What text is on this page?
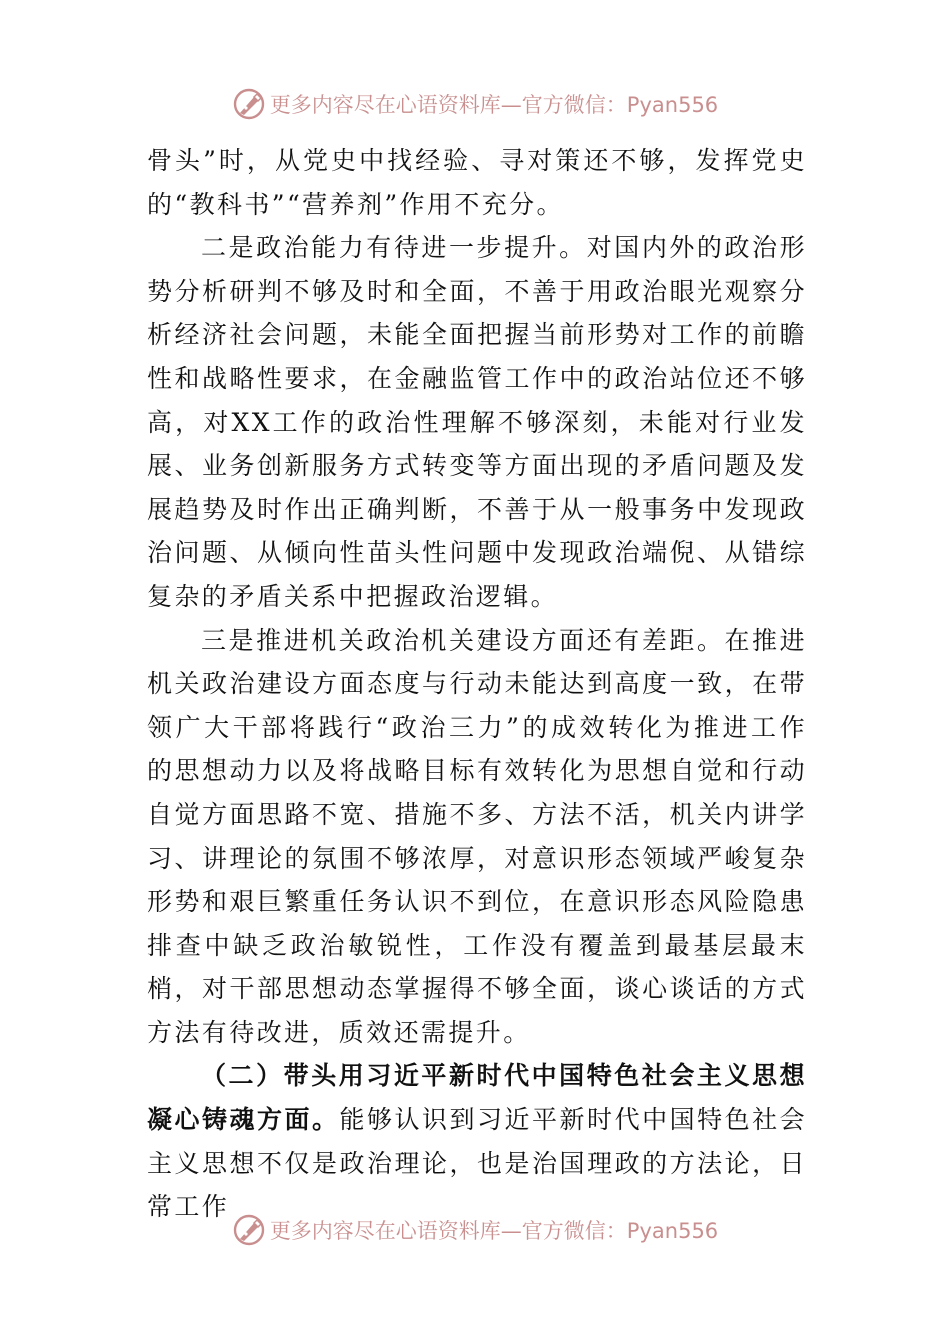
更多内容尽在心语资料库—官方微信：Pyan556

骨头”时，从党史中找经验、寻对策还不够，发挥党史的“教科书”“营养剂”作用不充分。

二是政治能力有待进一步提升。对国内外的政治形势分析研判不够及时和全面，不善于用政治眼光观察分析经济社会问题，未能全面把握当前形势对工作的前瞻性和战略性要求，在金融监管工作中的政治站位还不够高，对XX工作的政治性理解不够深刻，未能对行业发展、业务创新服务方式转变等方面出现的矛盾问题及发展趋势及时作出正确判断，不善于从一般事务中发现政治问题、从倾向性苗头性问题中发现政治端倪、从错综复杂的矛盾关系中把握政治逻辑。

三是推进机关政治机关建设方面还有差距。在推进机关政治建设方面态度与行动未能达到高度一致，在带领广大干部将践行“政治三力”的成效转化为推进工作的思想动力以及将战略目标有效转化为思想自觉和行动自觉方面思路不宽、措施不多、方法不活，机关内讲学习、讲理论的氛围不够浓厚，对意识形态领域严峻复杂形势和艰巨繁重任务认识不到位，在意识形态风险隐患排查中缺乏政治敏锐性，工作没有覆盖到最基层最末梢，对干部思想动态掌握得不够全面，谈心谈话的方式方法有待改进，质效还需提升。

（二）带头用习近平新时代中国特色社会主义思想凝心铸魂方面。能够认识到习近平新时代中国特色社会主义思想不仅是政治理论，也是治国理政的方法论，日常工作

更多内容尽在心语资料库—官方微信：Pyan556
